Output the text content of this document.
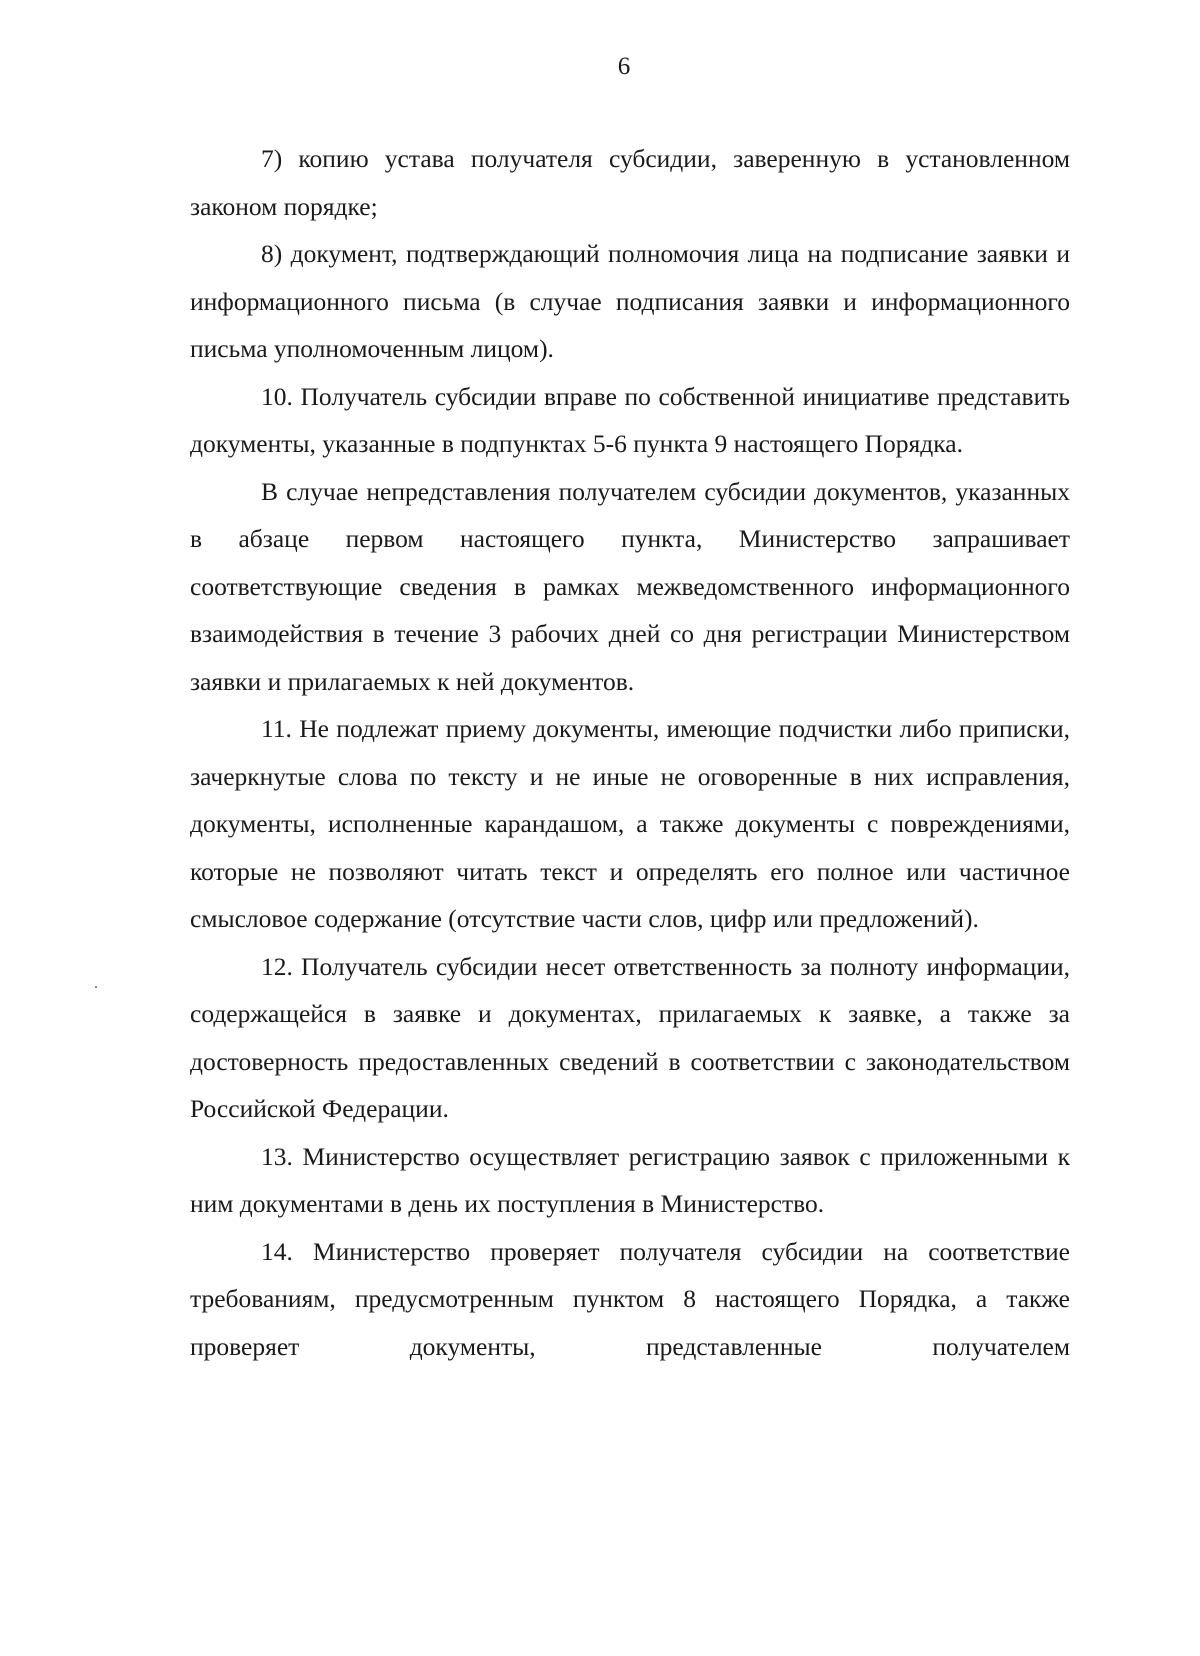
6

7) копию устава получателя субсидии, заверенную в установленном законом порядке;

8) документ, подтверждающий полномочия лица на подписание заявки и информационного письма (в случае подписания заявки и информационного письма уполномоченным лицом).

10. Получатель субсидии вправе по собственной инициативе представить документы, указанные в подпунктах 5-6 пункта 9 настоящего Порядка.

В случае непредставления получателем субсидии документов, указанных в абзаце первом настоящего пункта, Министерство запрашивает соответствующие сведения в рамках межведомственного информационного взаимодействия в течение 3 рабочих дней со дня регистрации Министерством заявки и прилагаемых к ней документов.

11. Не подлежат приему документы, имеющие подчистки либо приписки, зачеркнутые слова по тексту и не иные не оговоренные в них исправления, документы, исполненные карандашом, а также документы с повреждениями, которые не позволяют читать текст и определять его полное или частичное смысловое содержание (отсутствие части слов, цифр или предложений).

12. Получатель субсидии несет ответственность за полноту информации, содержащейся в заявке и документах, прилагаемых к заявке, а также за достоверность предоставленных сведений в соответствии с законодательством Российской Федерации.

13. Министерство осуществляет регистрацию заявок с приложенными к ним документами в день их поступления в Министерство.

14. Министерство проверяет получателя субсидии на соответствие требованиям, предусмотренным пунктом 8 настоящего Порядка, а также проверяет документы, представленные получателем
